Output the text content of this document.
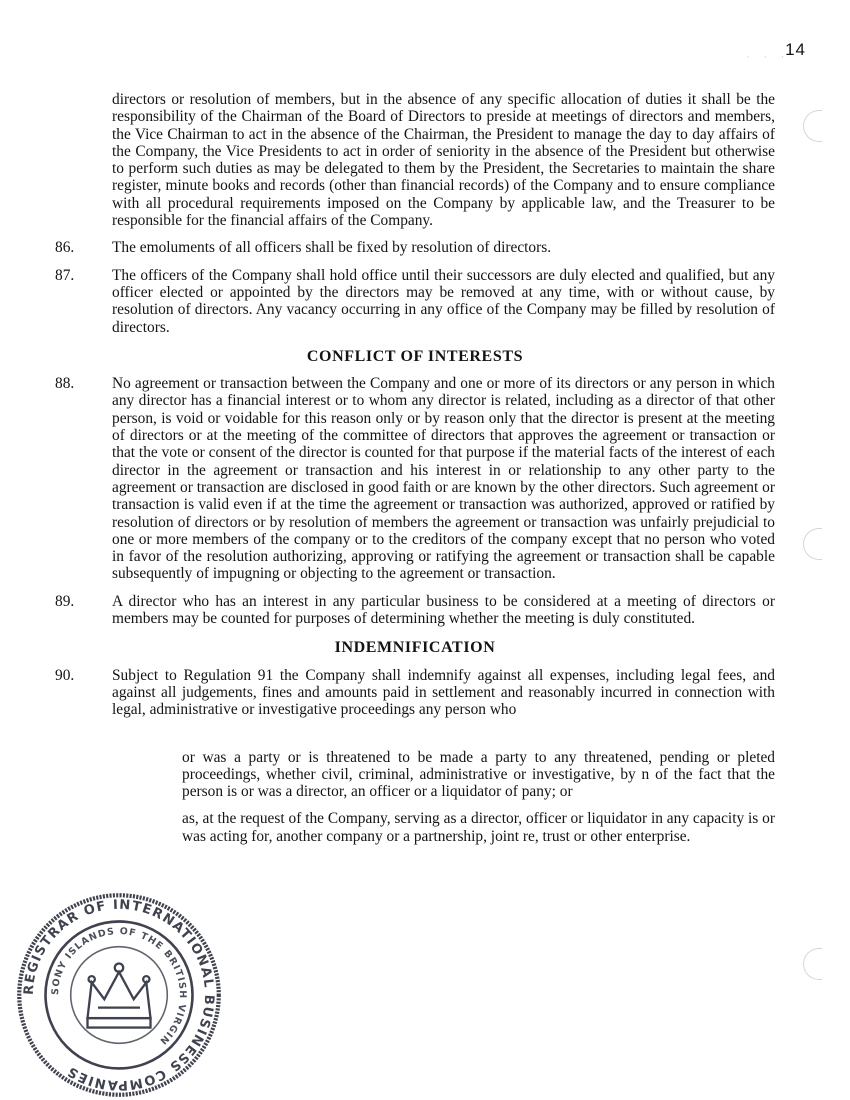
14
· · ·
directors or resolution of members, but in the absence of any specific allocation of duties it shall be the responsibility of the Chairman of the Board of Directors to preside at meetings of directors and members, the Vice Chairman to act in the absence of the Chairman, the President to manage the day to day affairs of the Company, the Vice Presidents to act in order of seniority in the absence of the President but otherwise to perform such duties as may be delegated to them by the President, the Secretaries to maintain the share register, minute books and records (other than financial records) of the Company and to ensure compliance with all procedural requirements imposed on the Company by applicable law, and the Treasurer to be responsible for the financial affairs of the Company.
86.	The emoluments of all officers shall be fixed by resolution of directors.
87.	The officers of the Company shall hold office until their successors are duly elected and qualified, but any officer elected or appointed by the directors may be removed at any time, with or without cause, by resolution of directors. Any vacancy occurring in any office of the Company may be filled by resolution of directors.
CONFLICT OF INTERESTS
88.	No agreement or transaction between the Company and one or more of its directors or any person in which any director has a financial interest or to whom any director is related, including as a director of that other person, is void or voidable for this reason only or by reason only that the director is present at the meeting of directors or at the meeting of the committee of directors that approves the agreement or transaction or that the vote or consent of the director is counted for that purpose if the material facts of the interest of each director in the agreement or transaction and his interest in or relationship to any other party to the agreement or transaction are disclosed in good faith or are known by the other directors. Such agreement or transaction is valid even if at the time the agreement or transaction was authorized, approved or ratified by resolution of directors or by resolution of members the agreement or transaction was unfairly prejudicial to one or more members of the company or to the creditors of the company except that no person who voted in favor of the resolution authorizing, approving or ratifying the agreement or transaction shall be capable subsequently of impugning or objecting to the agreement or transaction.
89.	A director who has an interest in any particular business to be considered at a meeting of directors or members may be counted for purposes of determining whether the meeting is duly constituted.
INDEMNIFICATION
90.	Subject to Regulation 91 the Company shall indemnify against all expenses, including legal fees, and against all judgements, fines and amounts paid in settlement and reasonably incurred in connection with legal, administrative or investigative proceedings any person who
or was a party or is threatened to be made a party to any threatened, pending or pleted proceedings, whether civil, criminal, administrative or investigative, by n of the fact that the person is or was a director, an officer or a liquidator of pany; or
as, at the request of the Company, serving as a director, officer or liquidator in any capacity is or was acting for, another company or a partnership, joint re, trust or other enterprise.
REGISTRAR OF INTERNATIONAL BUSINESS COMPANIES
SONY ISLANDS OF THE BRITISH VIRGIN
